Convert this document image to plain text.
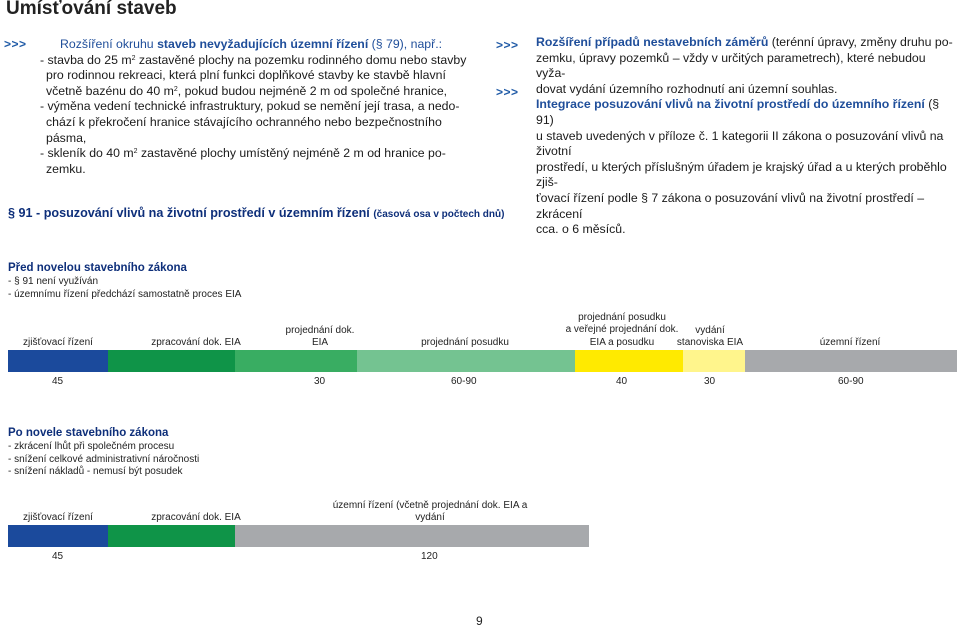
Umísťování staveb
>>>	Rozšíření okruhu staveb nevyžadujících územní řízení (§ 79), např.:
- stavba do 25 $m^2$ zastavěné plochy na pozemku rodinného domu nebo stavby
pro rodinnou rekreaci, která plní funkci doplňkové stavby ke stavbě hlavní
včetně bazénu do 40 $m^2$, pokud budou nejméně 2 m od společné hranice,
- výměna vedení technické infrastruktury, pokud se nemění její trasa, a nedo-
chází k překročení hranice stávajícího ochranného nebo bezpečnostního
pásma,
- skleník do 40 $m^2$ zastavěné plochy umístěný nejméně 2 m od hranice po-
zemku.
>>> Rozšíření případů nestavebních záměrů (terénní úpravy, změny druhu po-
zemku, úpravy pozemků – vždy v určitých parametrech), které nebudou vyža-
dovat vydání územního rozhodnutí ani územní souhlas.
>>>
Integrace posuzování vlivů na životní prostředí do územního řízení (§ 91)
u staveb uvedených v příloze č. 1 kategorii II zákona o posuzování vlivů na životní
prostředí, u kterých příslušným úřadem je krajský úřad a u kterých proběhlo zjiš-
ťovací řízení podle § 7 zákona o posuzování vlivů na životní prostředí – zkrácení
cca. o 6 měsíců.
§ 91 - posuzování vlivů na životní prostředí v územním řízení (časová osa v počtech dnů)
Před novelou stavebního zákona
- § 91 není využíván
- územnímu řízení předchází samostatně proces EIA
zjišťovací řízení	zpracování dok. EIA
projednání dok.
EIA	projednání posudku
projednání posudku
a veřejné projednání dok.
EIA a posudku
vydání
stanoviska EIA	územní řízení
45	30	60-90	40	30	60-90
Po novele stavebního zákona
- zkrácení lhůt při společném procesu
- snížení celkové administrativní náročnosti
- snížení nákladů - nemusí být posudek
zjišťovací řízení	zpracování dok. EIA
územní řízení (včetně projednání dok. EIA a vydání
45	120
9
